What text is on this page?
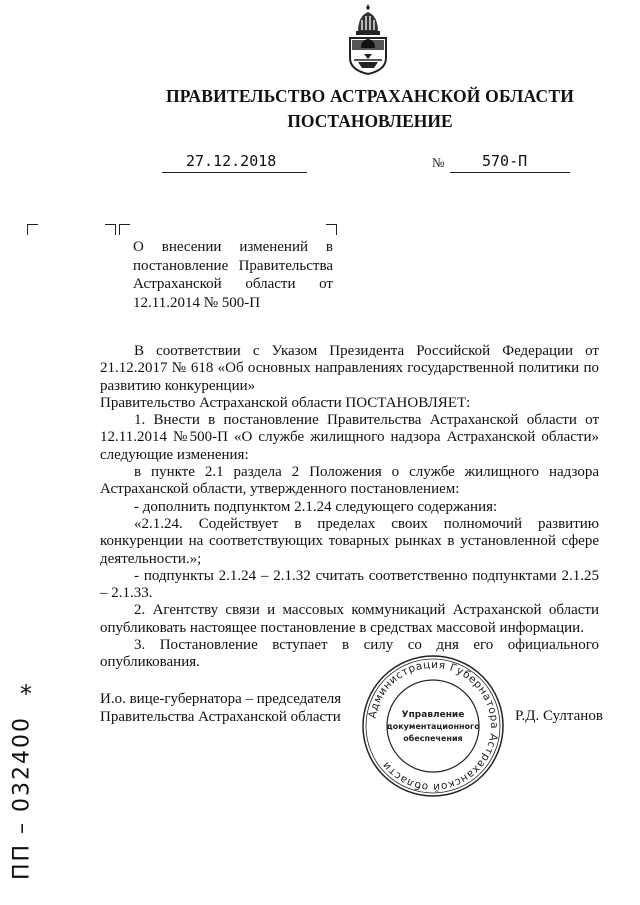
ПРАВИТЕЛЬСТВО АСТРАХАНСКОЙ ОБЛАСТИ
ПОСТАНОВЛЕНИЕ
27.12.2018	№	570-П
О внесении изменений в
постановление Правительства
Астраханской области от
12.11.2014 № 500-П

В соответствии с Указом Президента Российской Федерации от 21.12.2017 № 618 «Об основных направлениях государственной политики по развитию конкуренции»

Правительство Астраханской области ПОСТАНОВЛЯЕТ:

1. Внести в постановление Правительства Астраханской области от 12.11.2014 №500-П «О службе жилищного надзора Астраханской области» следующие изменения:

в пункте 2.1 раздела 2 Положения о службе жилищного надзора Астраханской области, утвержденного постановлением:

- дополнить подпунктом 2.1.24 следующего содержания:

«2.1.24. Содействует в пределах своих полномочий развитию конкуренции на соответствующих товарных рынках в установленной сфере деятельности.»;

- подпункты 2.1.24 – 2.1.32 считать соответственно подпунктами 2.1.25 – 2.1.33.

2. Агентству связи и массовых коммуникаций Астраханской области опубликовать настоящее постановление в средствах массовой информации.

3. Постановление вступает в силу со дня его официального опубликования.

И.о. вице-губернатора – председателя
Правительства Астраханской области	Р.Д. Султанов
Администрация Губернатора Астраханской области
Управление
документационного
обеспечения
*
ПП – 032400
